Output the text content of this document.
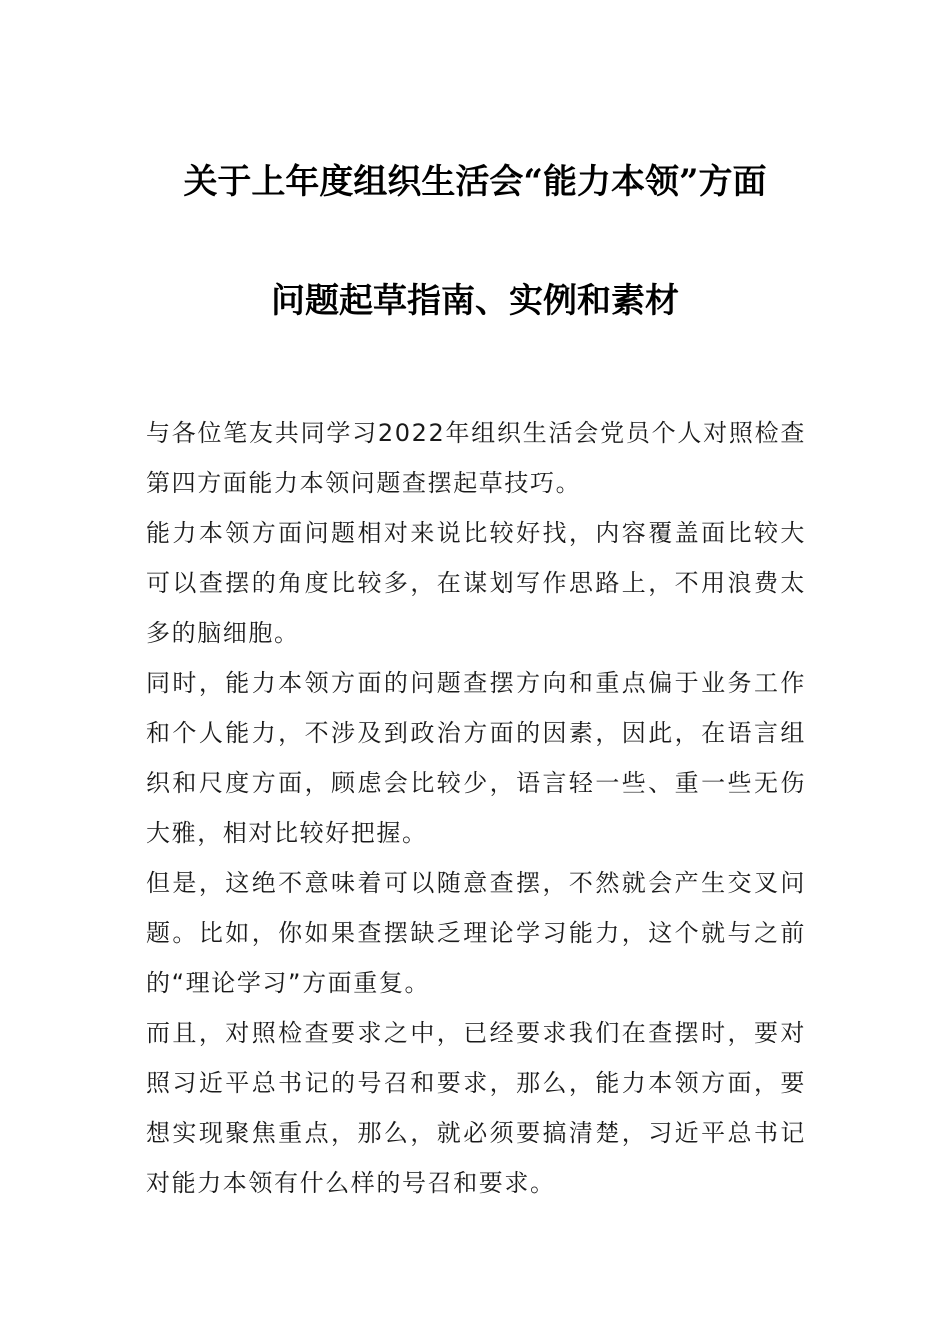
关于上年度组织生活会“能力本领”方面
问题起草指南、实例和素材

与各位笔友共同学习2022年组织生活会党员个人对照检查第四方面能力本领问题查摆起草技巧。

能力本领方面问题相对来说比较好找，内容覆盖面比较大可以查摆的角度比较多，在谋划写作思路上，不用浪费太多的脑细胞。

同时，能力本领方面的问题查摆方向和重点偏于业务工作和个人能力，不涉及到政治方面的因素，因此，在语言组织和尺度方面，顾虑会比较少，语言轻一些、重一些无伤大雅，相对比较好把握。

但是，这绝不意味着可以随意查摆，不然就会产生交叉问题。比如，你如果查摆缺乏理论学习能力，这个就与之前的“理论学习”方面重复。

而且，对照检查要求之中，已经要求我们在查摆时，要对照习近平总书记的号召和要求，那么，能力本领方面，要想实现聚焦重点，那么，就必须要搞清楚，习近平总书记对能力本领有什么样的号召和要求。
